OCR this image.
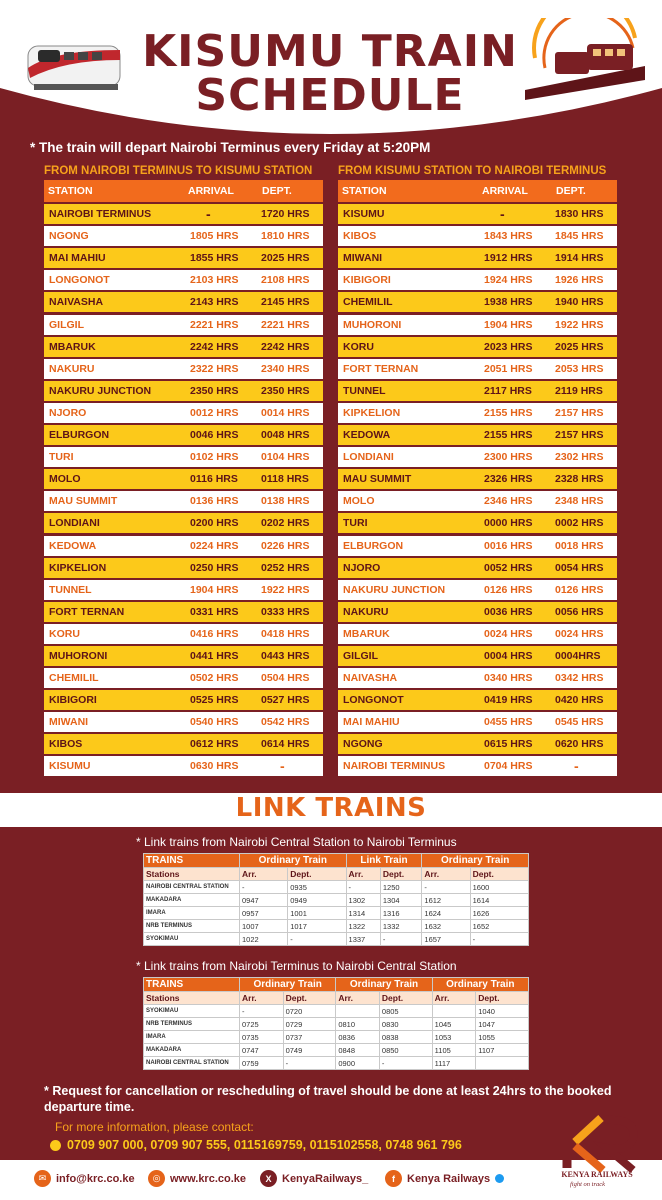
KISUMU TRAIN
SCHEDULE
* The train will depart Nairobi Terminus every Friday at 5:20PM
FROM NAIROBI TERMINUS TO KISUMU STATION
STATION	ARRIVAL	DEPT.
NAIROBI TERMINUS	-	1720 HRS
NGONG	1805 HRS	1810 HRS
MAI MAHIU	1855 HRS	2025 HRS
LONGONOT	2103 HRS	2108 HRS
NAIVASHA	2143 HRS	2145 HRS
GILGIL	2221 HRS	2221 HRS
MBARUK	2242 HRS	2242 HRS
NAKURU	2322 HRS	2340 HRS
NAKURU JUNCTION	2350 HRS	2350 HRS
NJORO	0012 HRS	0014 HRS
ELBURGON	0046 HRS	0048 HRS
TURI	0102 HRS	0104 HRS
MOLO	0116 HRS	0118 HRS
MAU SUMMIT	0136 HRS	0138 HRS
LONDIANI	0200 HRS	0202 HRS
KEDOWA	0224 HRS	0226 HRS
KIPKELION	0250 HRS	0252 HRS
TUNNEL	1904 HRS	1922 HRS
FORT TERNAN	0331 HRS	0333 HRS
KORU	0416 HRS	0418 HRS
MUHORONI	0441 HRS	0443 HRS
CHEMILIL	0502 HRS	0504 HRS
KIBIGORI	0525 HRS	0527 HRS
MIWANI	0540 HRS	0542 HRS
KIBOS	0612 HRS	0614 HRS
KISUMU	0630 HRS	-
FROM KISUMU STATION TO NAIROBI TERMINUS
STATION	ARRIVAL	DEPT.
KISUMU	-	1830 HRS
KIBOS	1843 HRS	1845 HRS
MIWANI	1912 HRS	1914 HRS
KIBIGORI	1924 HRS	1926 HRS
CHEMILIL	1938 HRS	1940 HRS
MUHORONI	1904 HRS	1922 HRS
KORU	2023 HRS	2025 HRS
FORT TERNAN	2051 HRS	2053 HRS
TUNNEL	2117 HRS	2119 HRS
KIPKELION	2155 HRS	2157 HRS
KEDOWA	2155 HRS	2157 HRS
LONDIANI	2300 HRS	2302 HRS
MAU SUMMIT	2326 HRS	2328 HRS
MOLO	2346 HRS	2348 HRS
TURI	0000 HRS	0002 HRS
ELBURGON	0016 HRS	0018 HRS
NJORO	0052 HRS	0054 HRS
NAKURU JUNCTION	0126 HRS	0126 HRS
NAKURU	0036 HRS	0056 HRS
MBARUK	0024 HRS	0024 HRS
GILGIL	0004 HRS	0004HRS
NAIVASHA	0340 HRS	0342 HRS
LONGONOT	0419 HRS	0420 HRS
MAI MAHIU	0455 HRS	0545 HRS
NGONG	0615 HRS	0620 HRS
NAIROBI TERMINUS	0704 HRS	-
LINK TRAINS
* Link trains from Nairobi Central Station to Nairobi Terminus
TRAINS	Ordinary Train		Link Train		Ordinary Train	
Stations	Arr.	Dept.	Arr.	Dept.	Arr.	Dept.
NAIROBI CENTRAL STATION	-	0935	-	1250	-	1600
MAKADARA	0947	0949	1302	1304	1612	1614
IMARA	0957	1001	1314	1316	1624	1626
NRB TERMINUS	1007	1017	1322	1332	1632	1652
SYOKIMAU	1022	-	1337	-	1657	-
* Link trains from Nairobi Terminus to Nairobi Central Station
TRAINS	Ordinary Train		Ordinary Train		Ordinary Train	
Stations	Arr.	Dept.	Arr.	Dept.	Arr.	Dept.
SYOKIMAU	-	0720		0805		1040
NRB TERMINUS	0725	0729	0810	0830	1045	1047
IMARA	0735	0737	0836	0838	1053	1055
MAKADARA	0747	0749	0848	0850	1105	1107
NAIROBI CENTRAL STATION	0759	-	0900	-	1117	
* Request for cancellation or rescheduling of travel should be done at least 24hrs to the booked departure time.
For more information, please contact:
0709 907 000, 0709 907 555, 0115169759, 0115102558, 0748 961 796
✉ info@krc.co.ke	◎ www.krc.co.ke	X KenyaRailways_	f	Kenya Railways	KENYA RAILWAYS
fight on track
